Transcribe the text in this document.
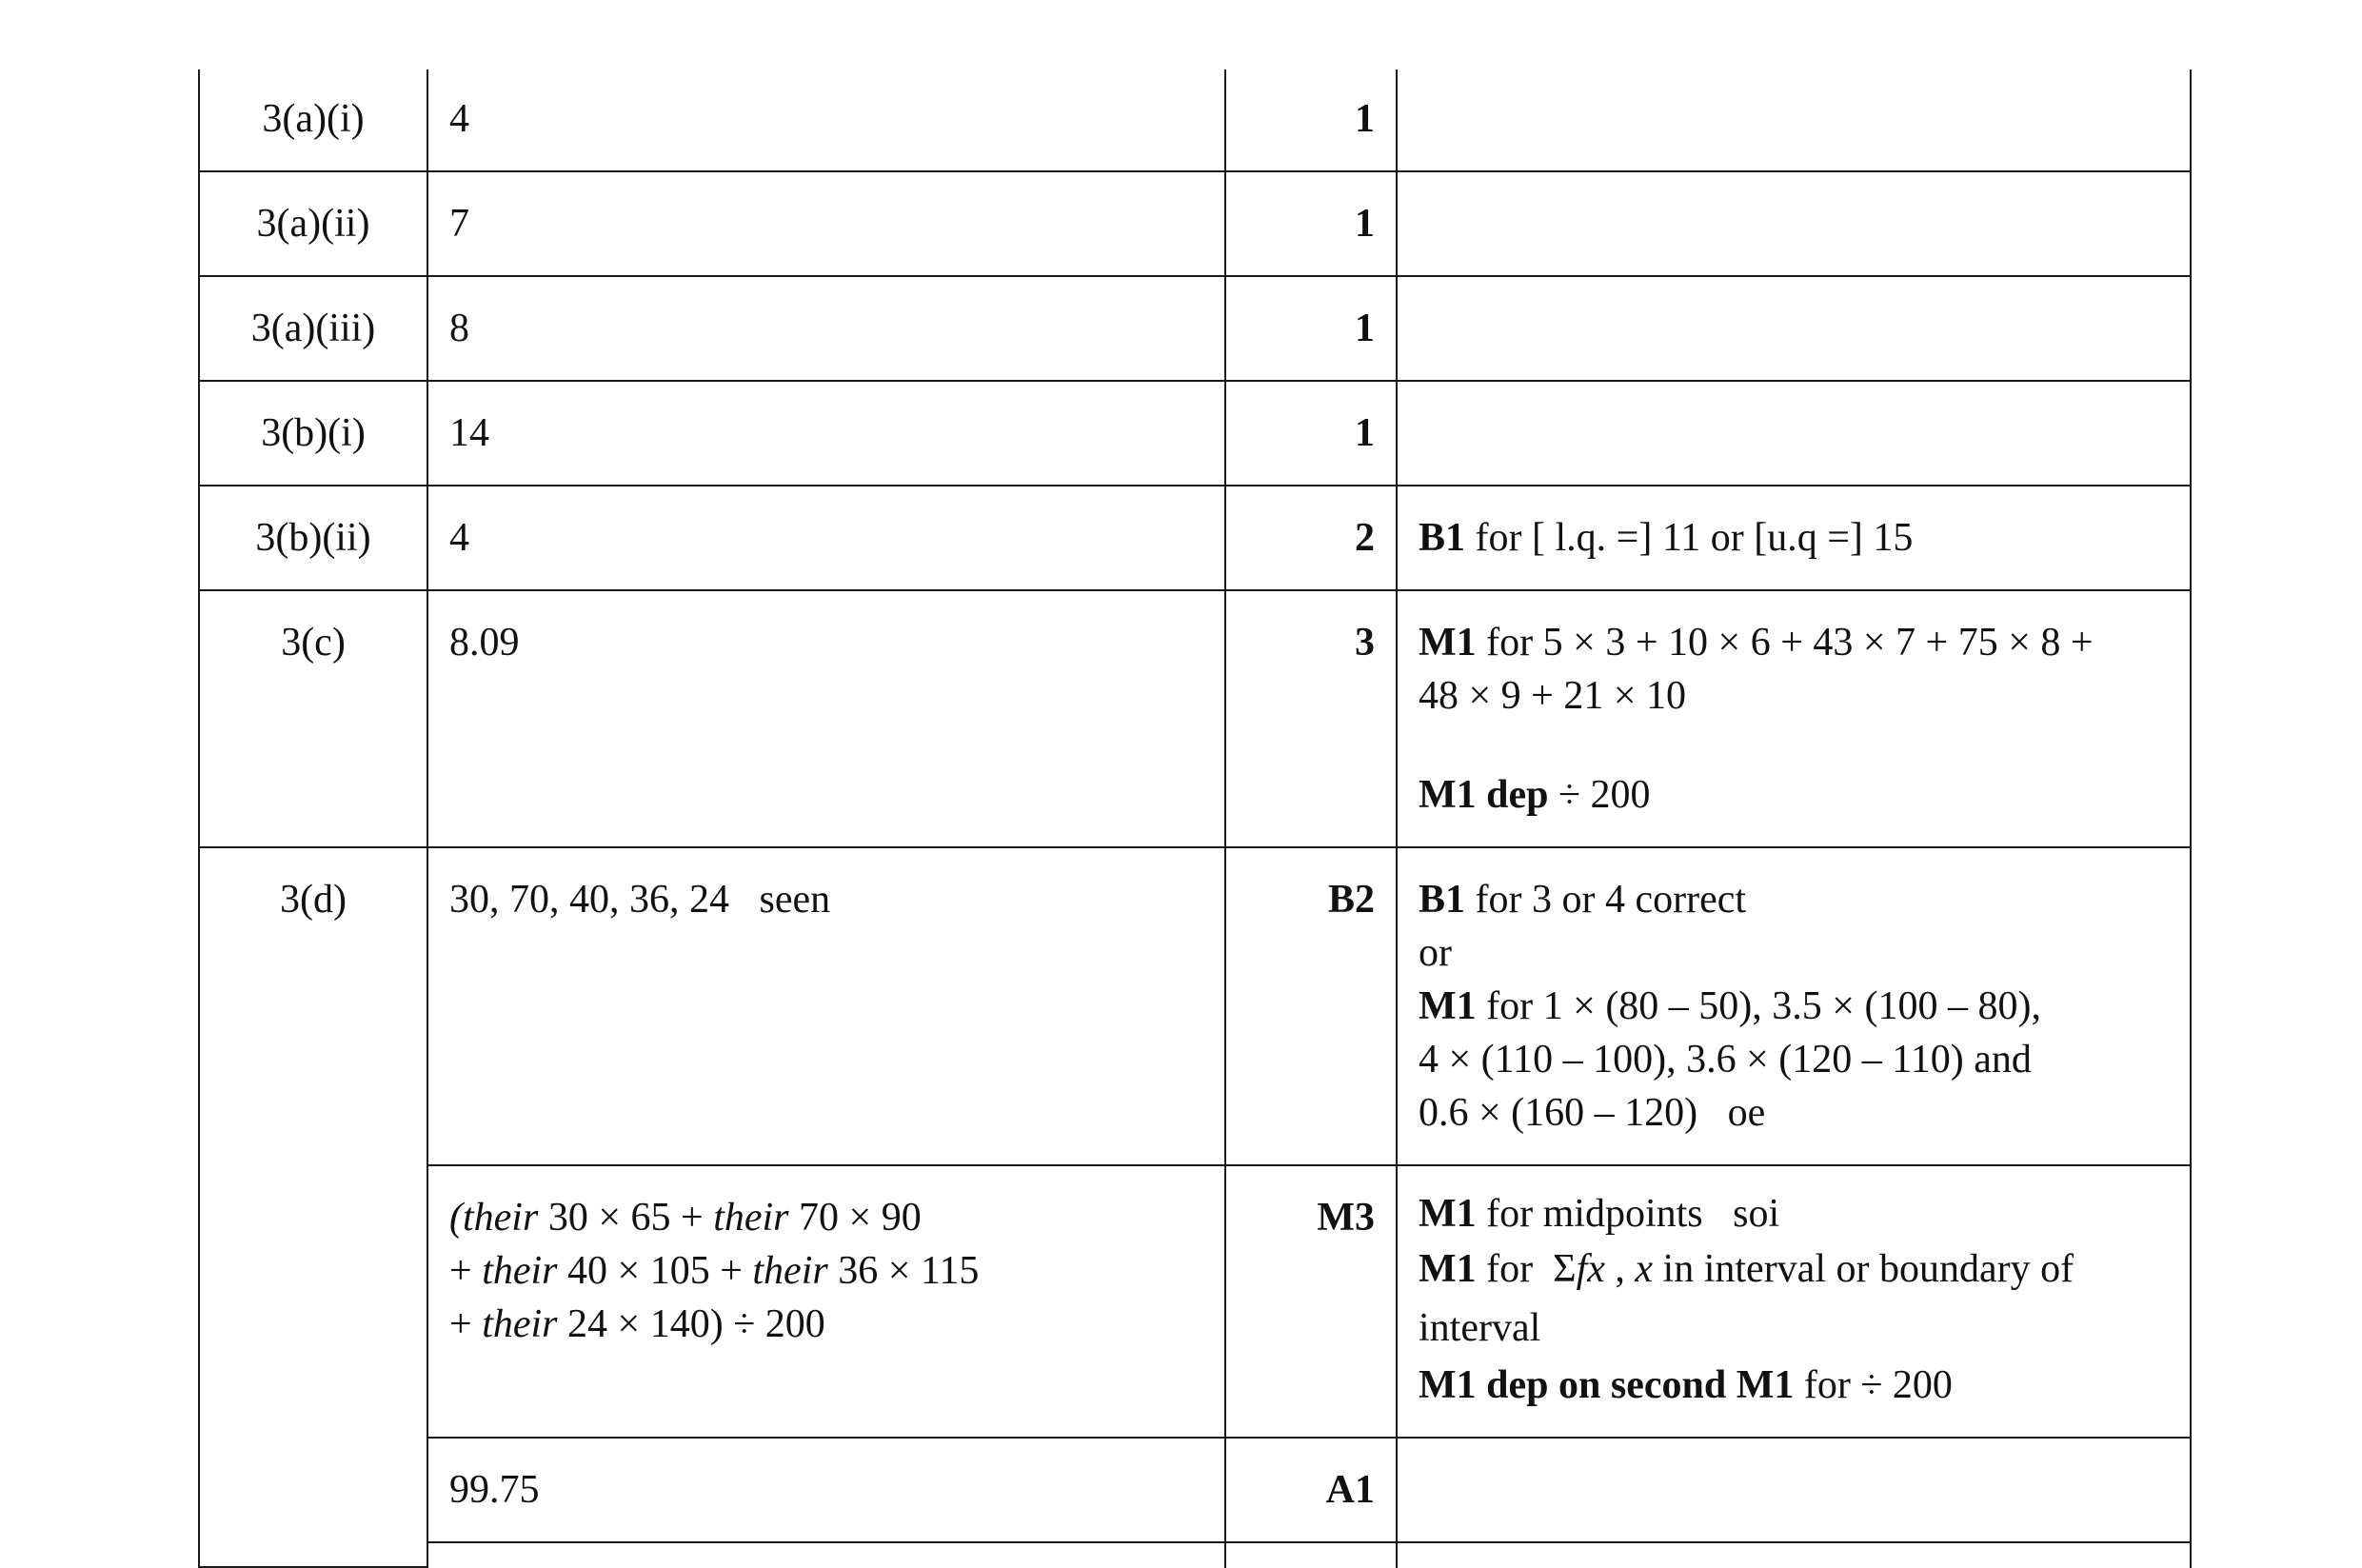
3(a)(i)	4	1	

3(a)(ii)	7	1	

3(a)(iii)	8	1	

3(b)(i)	14	1	

3(b)(ii)	4	2	B1 for [ l.q. =] 11 or [u.q =] 15

3(c)	8.09	3	M1 for 5 × 3 + 10 × 6 + 43 × 7 + 75 × 8 +
48 × 9 + 21 × 10
M1 dep ÷ 200

3(d)	30, 70, 40, 36, 24   seen	B2	B1 for 3 or 4 correct
or
M1 for 1 × (80 – 50), 3.5 × (100 – 80),
4 × (110 – 100), 3.6 × (120 – 110) and
0.6 × (160 – 120)   oe

	(their 30 × 65 + their 70 × 90
+ their 40 × 105 + their 36 × 115
+ their 24 × 140) ÷ 200	M3	M1 for midpoints   soi
M1 for  Σfx , x in interval or boundary of
interval
M1 dep on second M1 for ÷ 200

	99.75	A1	
